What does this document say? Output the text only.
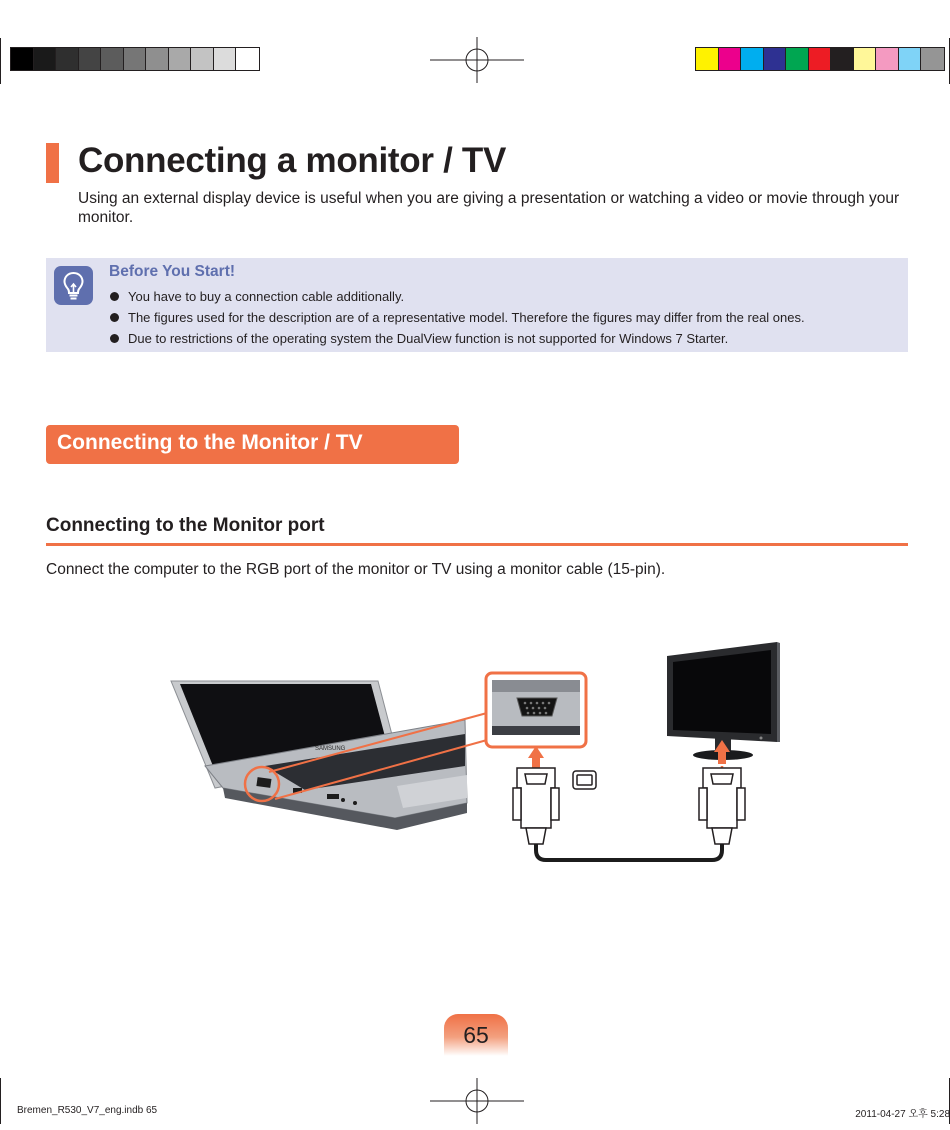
Connecting a monitor / TV

Using an external display device is useful when you are giving a presentation or watching a video or movie through your monitor.

Before You Start!
You have to buy a connection cable additionally.
The figures used for the description are of a representative model. Therefore the figures may differ from the real ones.
Due to restrictions of the operating system the DualView function is not supported for Windows 7 Starter.
Connecting to the Monitor / TV
Connecting to the Monitor port

Connect the computer to the RGB port of the monitor or TV using a monitor cable (15-pin).

SAMSUNG
65
Bremen_R530_V7_eng.indb 65	2011-04-27 오후 5:28
